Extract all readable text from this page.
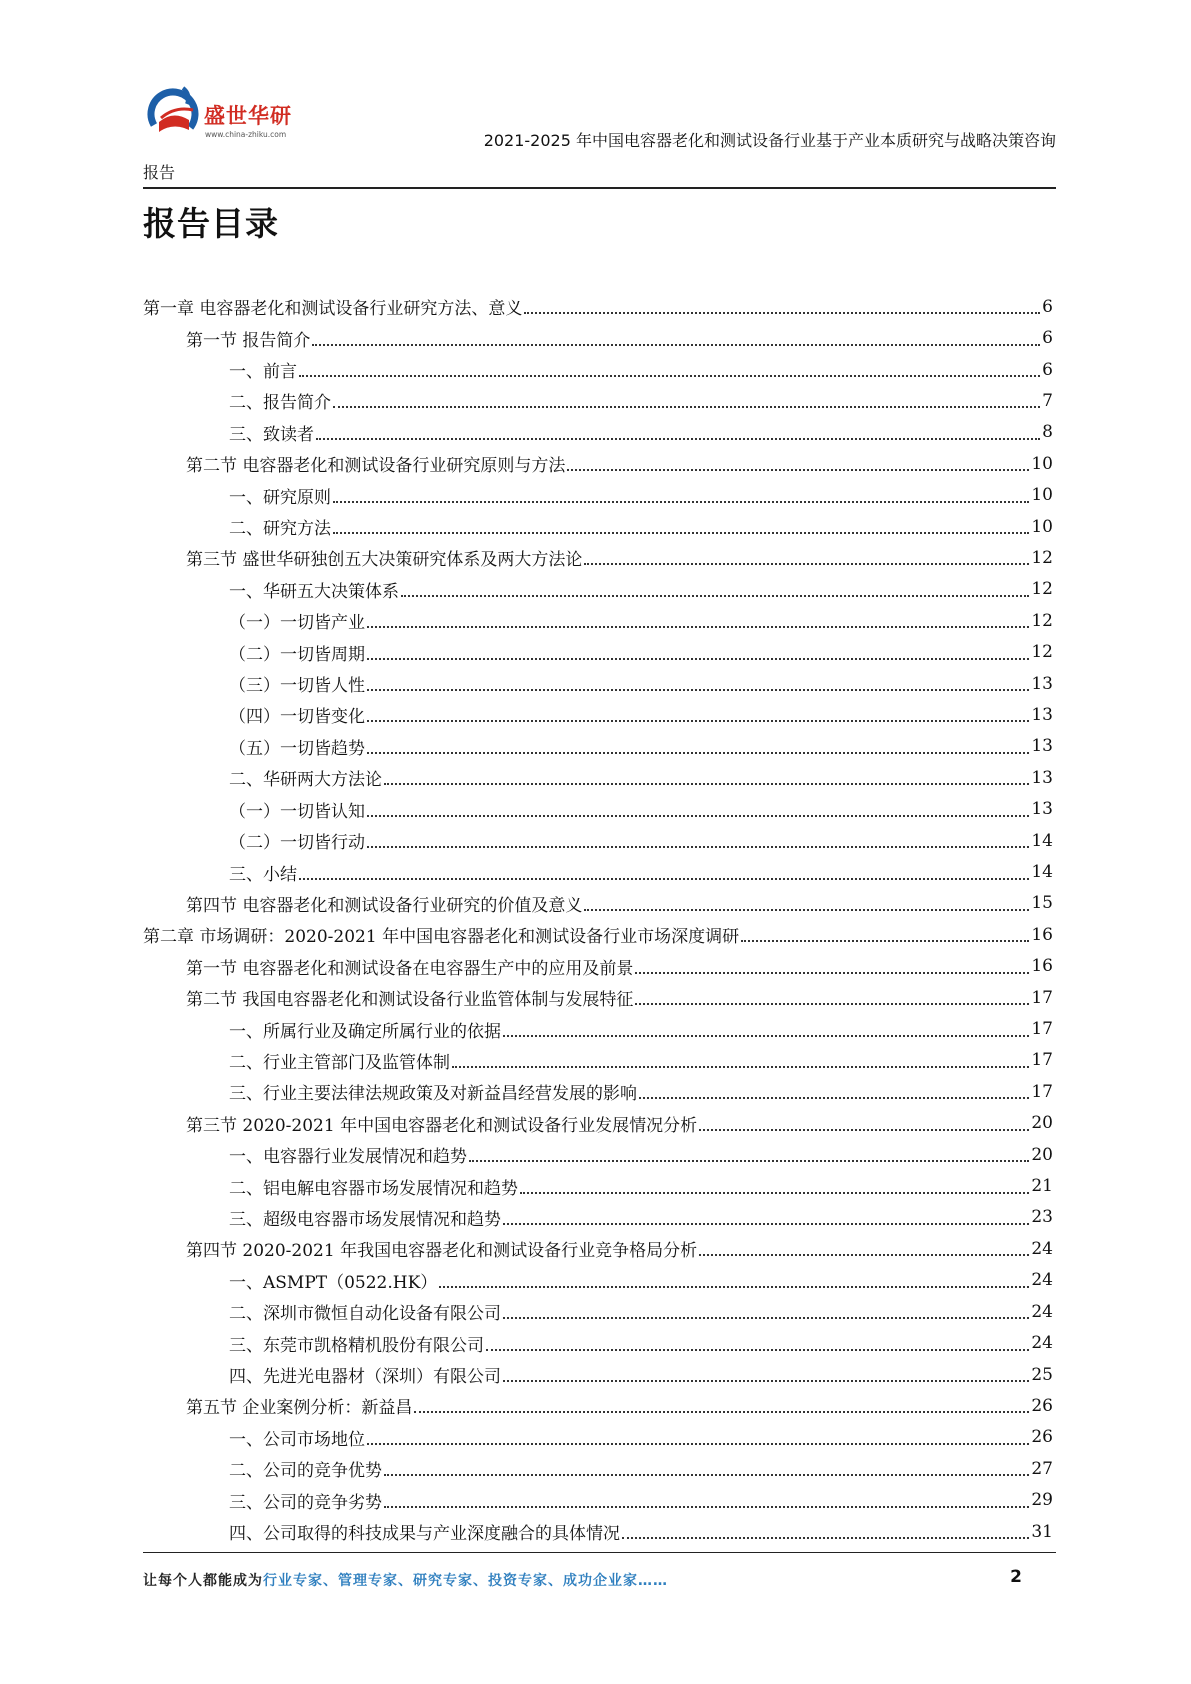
盛世华研
www.china-zhiku.com	2021-2025 年中国电容器老化和测试设备行业基于产业本质研究与战略决策咨询
报告
报告目录
第一章 电容器老化和测试设备行业研究方法、意义	6
第一节 报告简介	6
一、前言	6
二、报告简介	7
三、致读者	8
第二节 电容器老化和测试设备行业研究原则与方法	10
一、研究原则	10
二、研究方法	10
第三节 盛世华研独创五大决策研究体系及两大方法论	12
一、华研五大决策体系	12
（一）一切皆产业	12
（二）一切皆周期	12
（三）一切皆人性	13
（四）一切皆变化	13
（五）一切皆趋势	13
二、华研两大方法论	13
（一）一切皆认知	13
（二）一切皆行动	14
三、小结	14
第四节 电容器老化和测试设备行业研究的价值及意义	15
第二章 市场调研：2020-2021 年中国电容器老化和测试设备行业市场深度调研	16
第一节 电容器老化和测试设备在电容器生产中的应用及前景	16
第二节 我国电容器老化和测试设备行业监管体制与发展特征	17
一、所属行业及确定所属行业的依据	17
二、行业主管部门及监管体制	17
三、行业主要法律法规政策及对新益昌经营发展的影响	17
第三节 2020-2021 年中国电容器老化和测试设备行业发展情况分析	20
一、电容器行业发展情况和趋势	20
二、铝电解电容器市场发展情况和趋势	21
三、超级电容器市场发展情况和趋势	23
第四节 2020-2021 年我国电容器老化和测试设备行业竞争格局分析	24
一、ASMPT（0522.HK）	24
二、深圳市微恒自动化设备有限公司	24
三、东莞市凯格精机股份有限公司	24
四、先进光电器材（深圳）有限公司	25
第五节 企业案例分析：新益昌	26
一、公司市场地位	26
二、公司的竞争优势	27
三、公司的竞争劣势	29
四、公司取得的科技成果与产业深度融合的具体情况	31
让每个人都能成为行业专家、管理专家、研究专家、投资专家、成功企业家……	2
